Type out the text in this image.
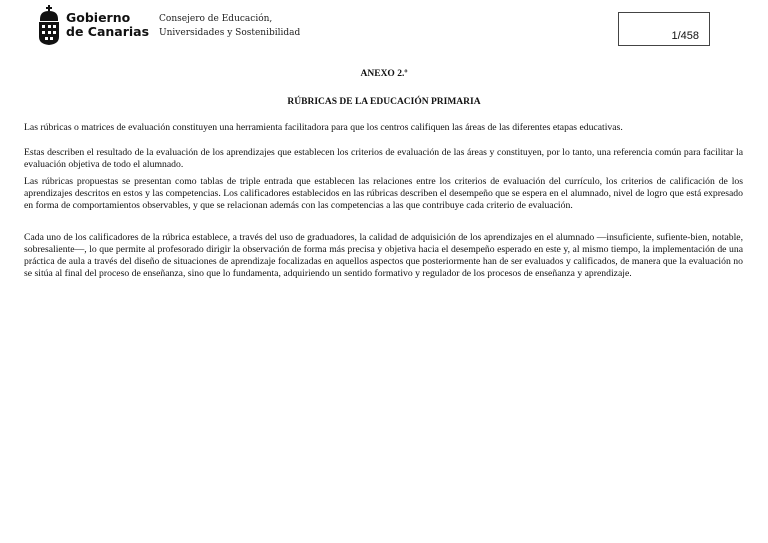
Gobierno
de Canarias
Consejero de Educación,
Universidades y Sostenibilidad	1/458
ANEXO 2.º
RÚBRICAS DE LA EDUCACIÓN PRIMARIA

Las rúbricas o matrices de evaluación constituyen una herramienta facilitadora para que los centros califiquen las áreas de las diferentes etapas educativas.

Estas describen el resultado de la evaluación de los aprendizajes que establecen los criterios de evaluación de las áreas y constituyen, por lo tanto, una referencia común para facilitar la evaluación objetiva de todo el alumnado.

Las rúbricas propuestas se presentan como tablas de triple entrada que establecen las relaciones entre los criterios de evaluación del currículo, los criterios de calificación de los aprendizajes descritos en estos y las competencias. Los calificadores establecidos en las rúbricas describen el desempeño que se espera en el alumnado, nivel de logro que está expresado en forma de comportamientos observables, y que se relacionan además con las competencias a las que contribuye cada criterio de evaluación.

Cada uno de los calificadores de la rúbrica establece, a través del uso de graduadores, la calidad de adquisición de los aprendizajes en el alumnado —insuficiente, sufiente-bien, notable, sobresaliente—, lo que permite al profesorado dirigir la observación de forma más precisa y objetiva hacia el desempeño esperado en este y, al mismo tiempo, la implementación de una práctica de aula a través del diseño de situaciones de aprendizaje focalizadas en aquellos aspectos que posteriormente han de ser evaluados y calificados, de manera que la evaluación no se sitúa al final del proceso de enseñanza, sino que lo fundamenta, adquiriendo un sentido formativo y regulador de los procesos de enseñanza y aprendizaje.
